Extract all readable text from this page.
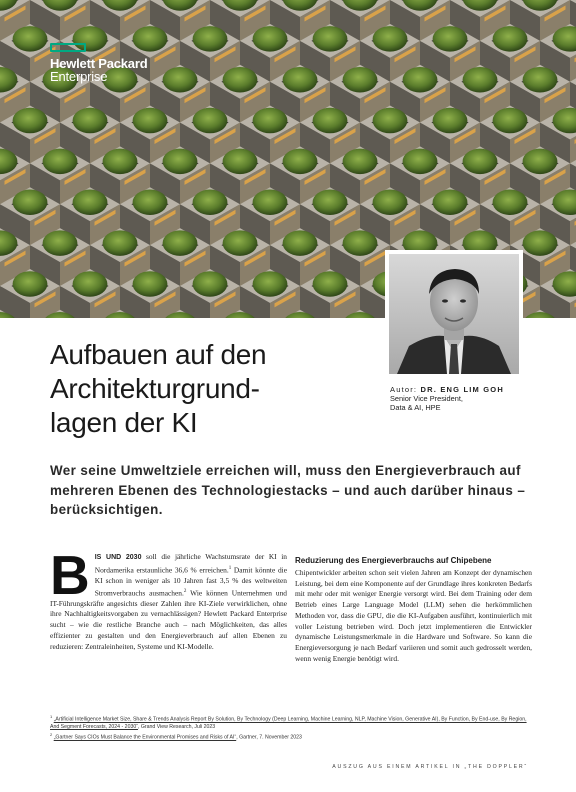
Hewlett Packard
Enterprise
Autor: DR. ENG LIM GOH
Senior Vice President,
Data & AI, HPE
Aufbauen auf den
Architekturgrund-
lagen der KI

Wer seine Umweltziele erreichen will, muss den Energieverbrauch auf mehreren Ebenen des Technologiestacks – und auch darüber hinaus – berücksichtigen.

BIS UND 2030 soll die jährliche Wachstumsrate der KI in Nordamerika erstaunliche 36,6 % erreichen.$^1$ Damit könnte die KI schon in weniger als 10 Jahren fast 3,5 % des weltweiten Stromverbrauchs ausmachen.$^2$ Wie können Unternehmen und IT-Führungskräfte angesichts dieser Zahlen ihre KI-Ziele verwirklichen, ohne ihre Nachhaltigkeitsvorgaben zu vernachlässigen? Hewlett Packard Enterprise sucht – wie die restliche Branche auch – nach Möglichkeiten, das alles effizienter zu gestalten und den Energieverbrauch auf allen Ebenen zu reduzieren: Zentraleinheiten, Systeme und KI-Modelle.
Reduzierung des Energieverbrauchs auf Chipebene
Chipentwickler arbeiten schon seit vielen Jahren am Konzept der dynamischen Leistung, bei dem eine Komponente auf der Grundlage ihres konkreten Bedarfs mit mehr oder mit weniger Energie versorgt wird. Bei dem Training oder dem Betrieb eines Large Language Model (LLM) sehen die herkömmlichen Methoden vor, dass die GPU, die die KI-Aufgaben ausführt, kontinuierlich mit voller Leistung betrieben wird. Doch jetzt implementieren die Entwickler dynamische Leistungsmerkmale in die Hardware und Software. So kann die Energieversorgung je nach Bedarf variieren und somit auch gedrosselt werden, wenn wenig Energie benötigt wird.
$^1$ „Artificial Intelligence Market Size, Share & Trends Analysis Report By Solution, By Technology (Deep Learning, Machine Learning, NLP, Machine Vision, Generative AI), By Function, By End-use, By Region, And Segment Forecasts, 2024 - 2030“, Grand View Research, Juli 2023
$^2$ „Gartner Says CIOs Must Balance the Environmental Promises and Risks of AI“, Gartner, 7. November 2023
AUSZUG AUS EINEM ARTIKEL IN „THE DOPPLER“
